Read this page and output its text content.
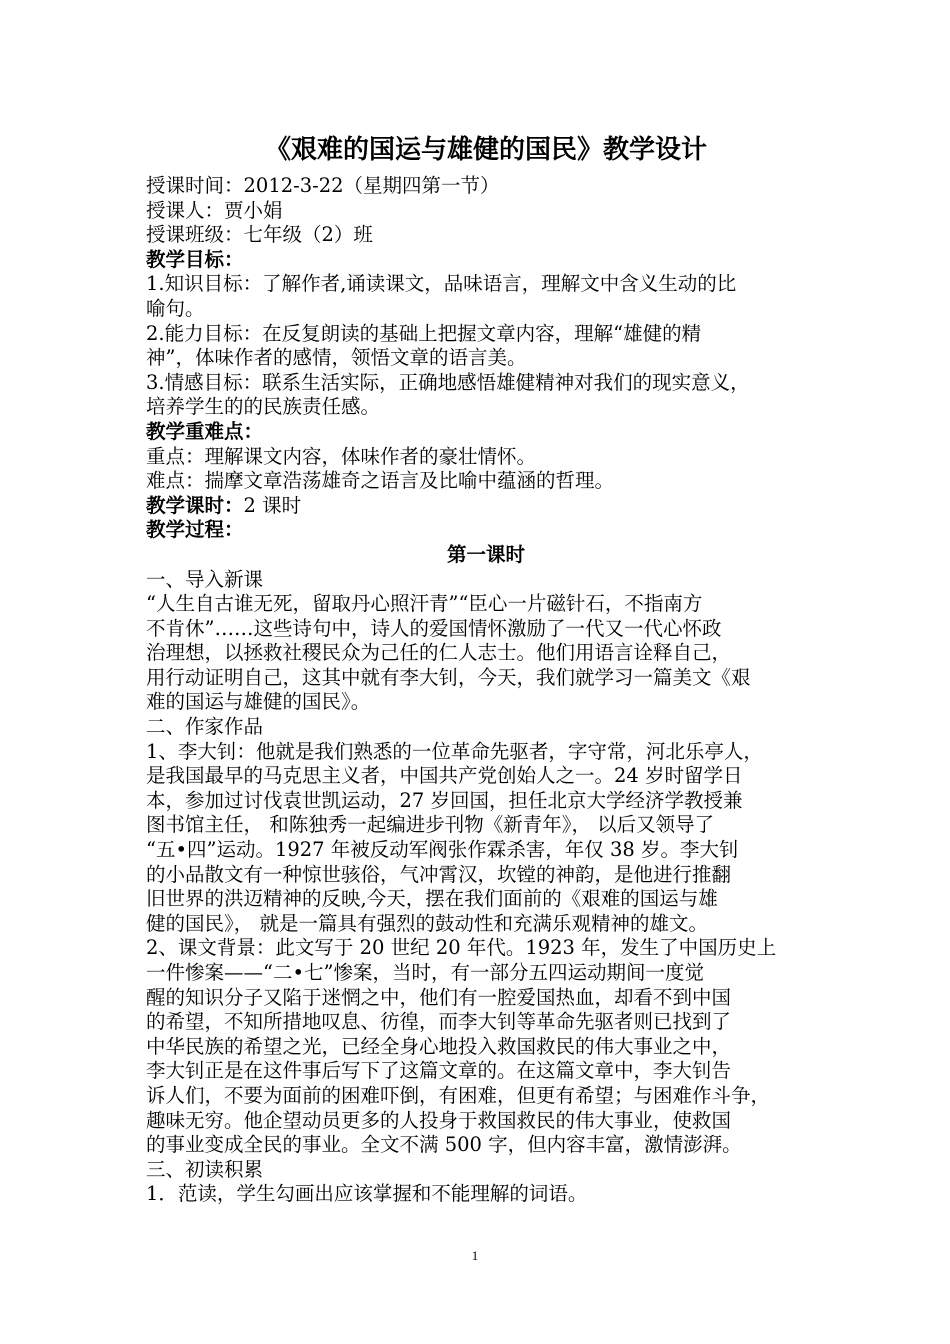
《艰难的国运与雄健的国民》教学设计

授课时间：2012-3-22（星期四第一节）

授课人：贾小娟

授课班级：七年级（2）班

教学目标：

1.知识目标：了解作者,诵读课文，品味语言，理解文中含义生动的比
喻句。

2.能力目标：在反复朗读的基础上把握文章内容，理解“雄健的精
神”，体味作者的感情，领悟文章的语言美。

3.情感目标：联系生活实际，正确地感悟雄健精神对我们的现实意义，
培养学生的的民族责任感。

教学重难点：

重点：理解课文内容，体味作者的豪壮情怀。

难点：揣摩文章浩荡雄奇之语言及比喻中蕴涵的哲理。

教学课时：2 课时

教学过程：

第一课时

一、导入新课

“人生自古谁无死，留取丹心照汗青”“臣心一片磁针石，不指南方
不肯休”……这些诗句中，诗人的爱国情怀激励了一代又一代心怀政
治理想，以拯救社稷民众为己任的仁人志士。他们用语言诠释自己，
用行动证明自己，这其中就有李大钊，今天，我们就学习一篇美文《艰
难的国运与雄健的国民》。

二、作家作品

1、李大钊：他就是我们熟悉的一位革命先驱者，字守常，河北乐亭人，
是我国最早的马克思主义者，中国共产党创始人之一。24 岁时留学日
本，参加过讨伐袁世凯运动，27 岁回国，担任北京大学经济学教授兼
图书馆主任， 和陈独秀一起编进步刊物《新青年》， 以后又领导了
“五•四”运动。1927 年被反动军阀张作霖杀害，年仅 38 岁。李大钊
的小品散文有一种惊世骇俗，气冲霄汉，坎镗的神韵，是他进行推翻
旧世界的洪迈精神的反映,今天，摆在我们面前的《艰难的国运与雄
健的国民》， 就是一篇具有强烈的鼓动性和充满乐观精神的雄文。

2、课文背景：此文写于 20 世纪 20 年代。1923 年，发生了中国历史上
一件惨案——“二•七”惨案，当时，有一部分五四运动期间一度觉
醒的知识分子又陷于迷惘之中，他们有一腔爱国热血，却看不到中国
的希望，不知所措地叹息、彷徨，而李大钊等革命先驱者则已找到了
中华民族的希望之光，已经全身心地投入救国救民的伟大事业之中，
李大钊正是在这件事后写下了这篇文章的。在这篇文章中，李大钊告
诉人们，不要为面前的困难吓倒，有困难，但更有希望；与困难作斗争，
趣味无穷。他企望动员更多的人投身于救国救民的伟大事业，使救国
的事业变成全民的事业。全文不满 500 字，但内容丰富，激情澎湃。

三、初读积累

1．范读，学生勾画出应该掌握和不能理解的词语。

1
